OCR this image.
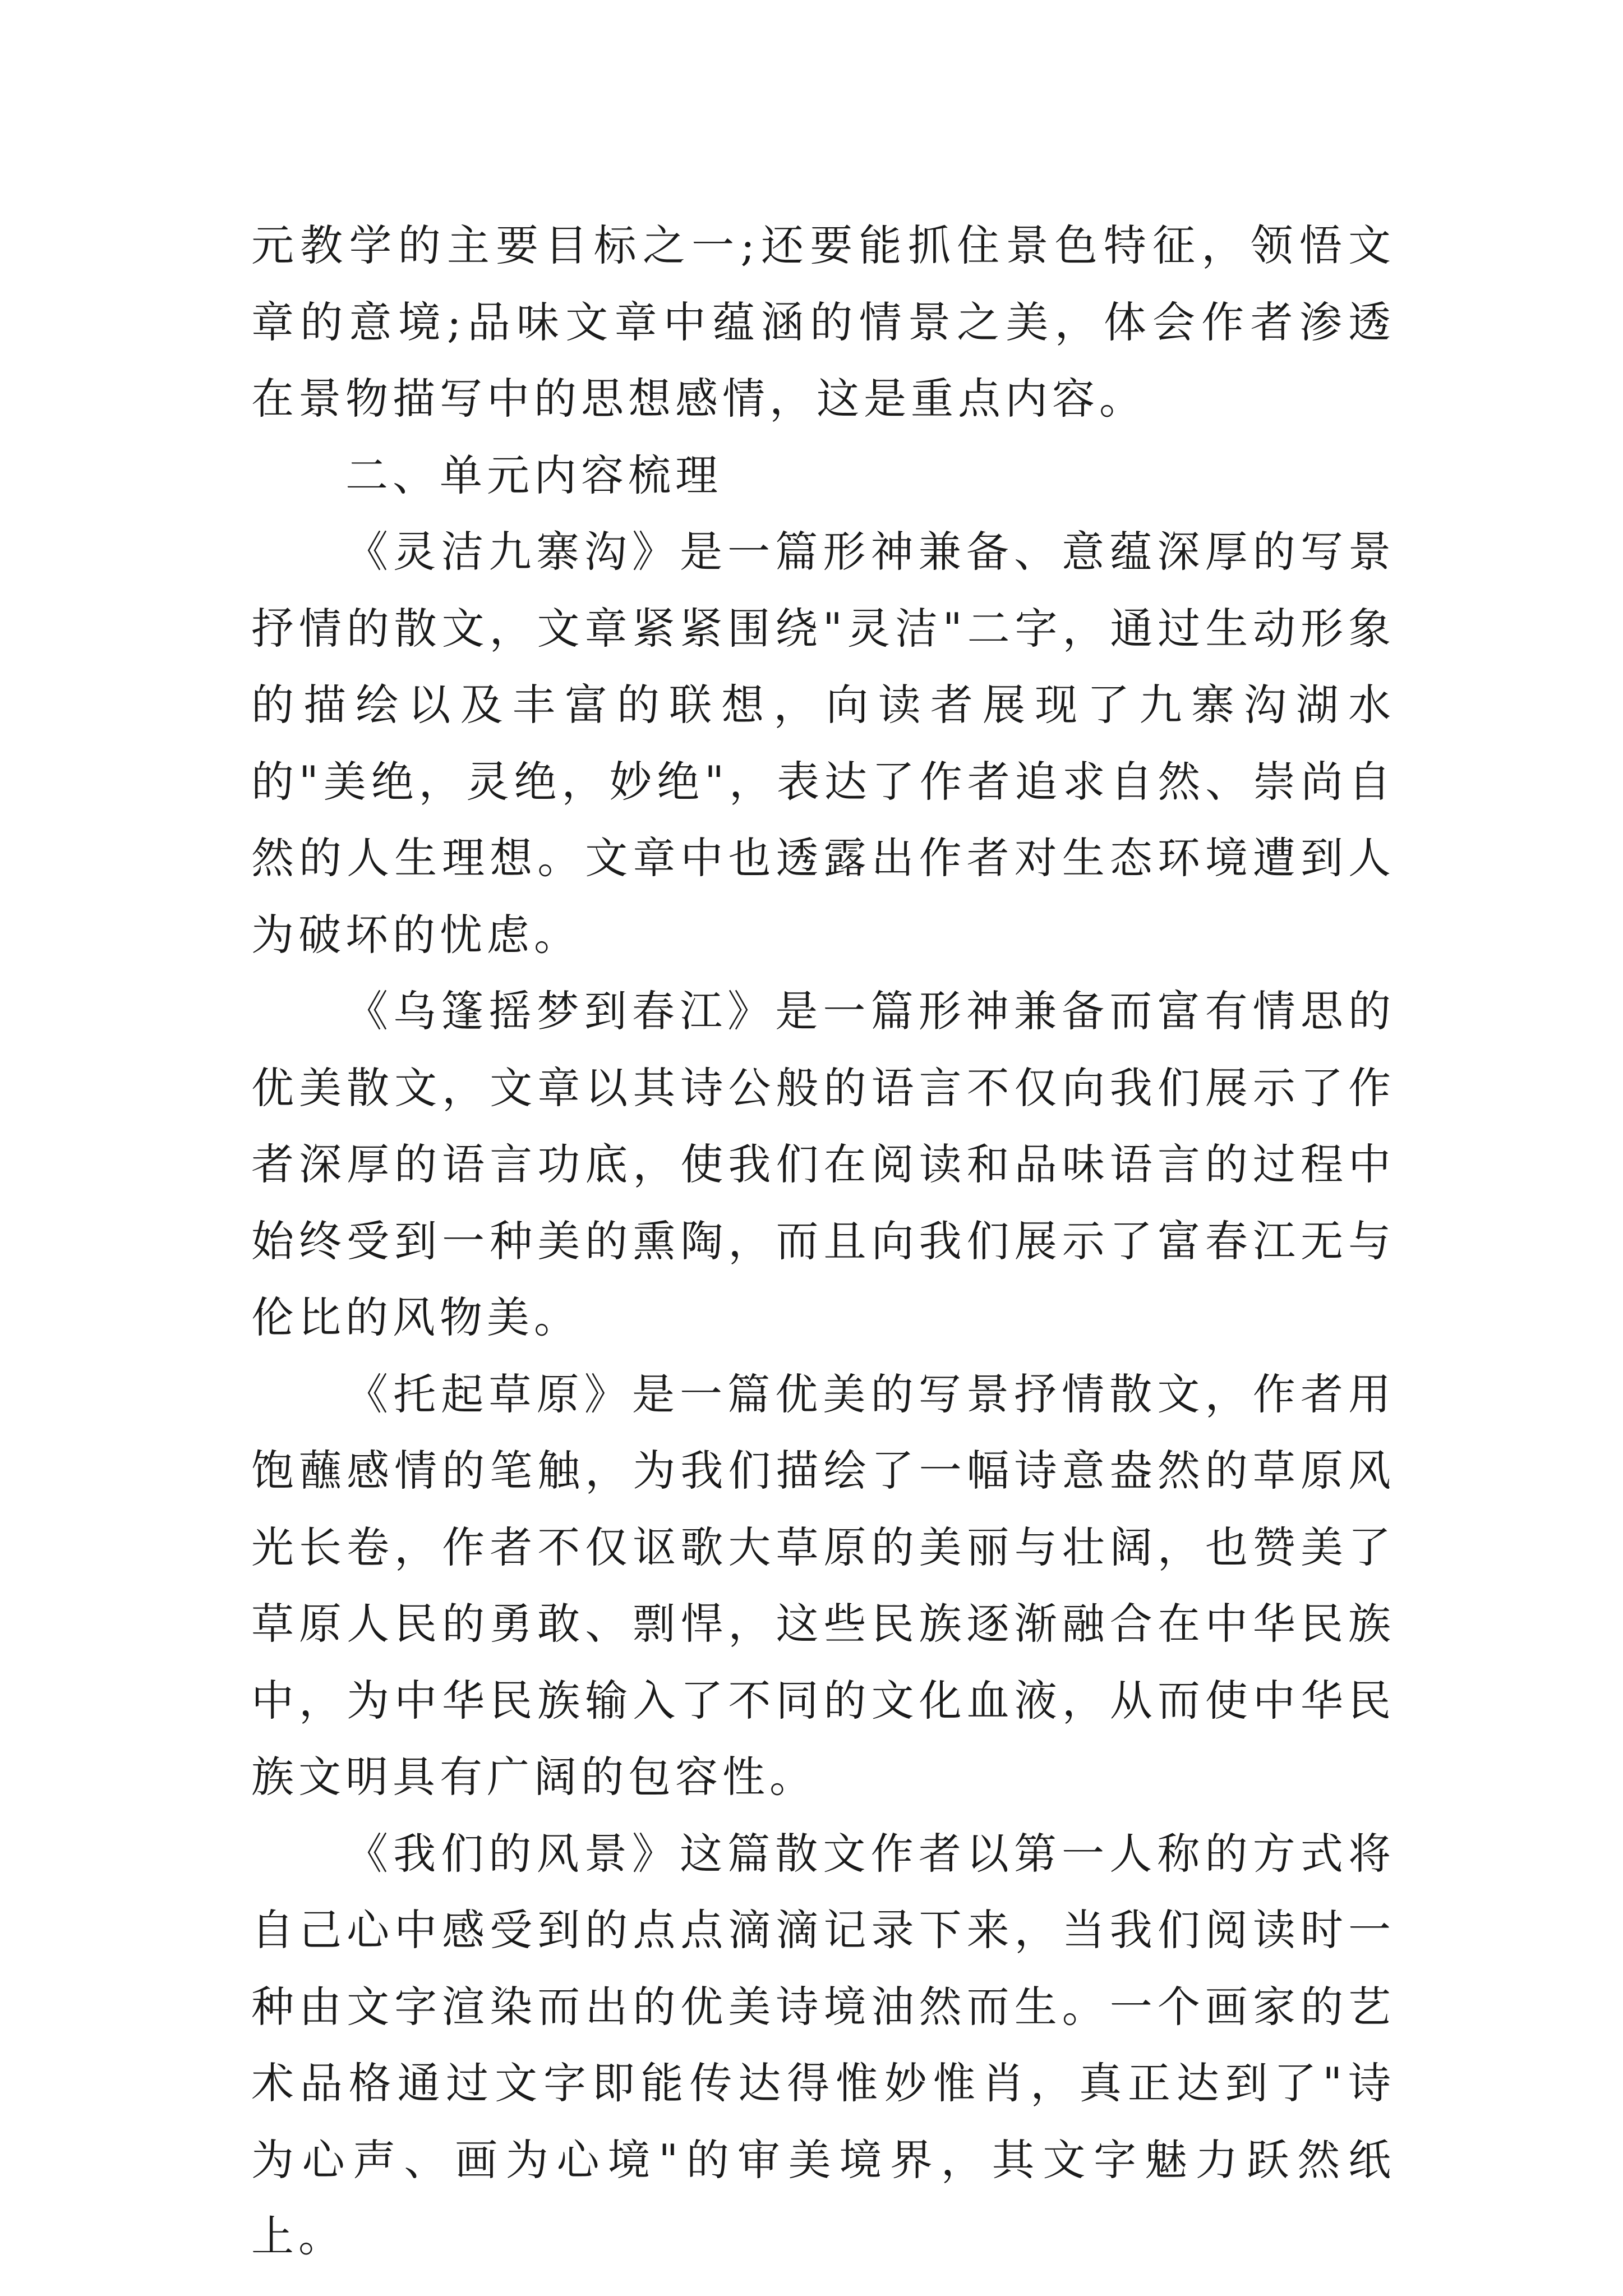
元教学的主要目标之一;还要能抓住景色特征，领悟文章的意境;品味文章中蕴涵的情景之美，体会作者渗透在景物描写中的思想感情，这是重点内容。

二、单元内容梳理

《灵洁九寨沟》是一篇形神兼备、意蕴深厚的写景抒情的散文，文章紧紧围绕"灵洁"二字，通过生动形象的描绘以及丰富的联想，向读者展现了九寨沟湖水的"美绝，灵绝，妙绝"，表达了作者追求自然、崇尚自然的人生理想。文章中也透露出作者对生态环境遭到人为破坏的忧虑。

《乌篷摇梦到春江》是一篇形神兼备而富有情思的优美散文，文章以其诗公般的语言不仅向我们展示了作者深厚的语言功底，使我们在阅读和品味语言的过程中始终受到一种美的熏陶，而且向我们展示了富春江无与伦比的风物美。

《托起草原》是一篇优美的写景抒情散文，作者用饱蘸感情的笔触，为我们描绘了一幅诗意盎然的草原风光长卷，作者不仅讴歌大草原的美丽与壮阔，也赞美了草原人民的勇敢、剽悍，这些民族逐渐融合在中华民族中，为中华民族输入了不同的文化血液，从而使中华民族文明具有广阔的包容性。

《我们的风景》这篇散文作者以第一人称的方式将自己心中感受到的点点滴滴记录下来，当我们阅读时一种由文字渲染而出的优美诗境油然而生。一个画家的艺术品格通过文字即能传达得惟妙惟肖，真正达到了"诗为心声、画为心境"的审美境界，其文字魅力跃然纸上。
